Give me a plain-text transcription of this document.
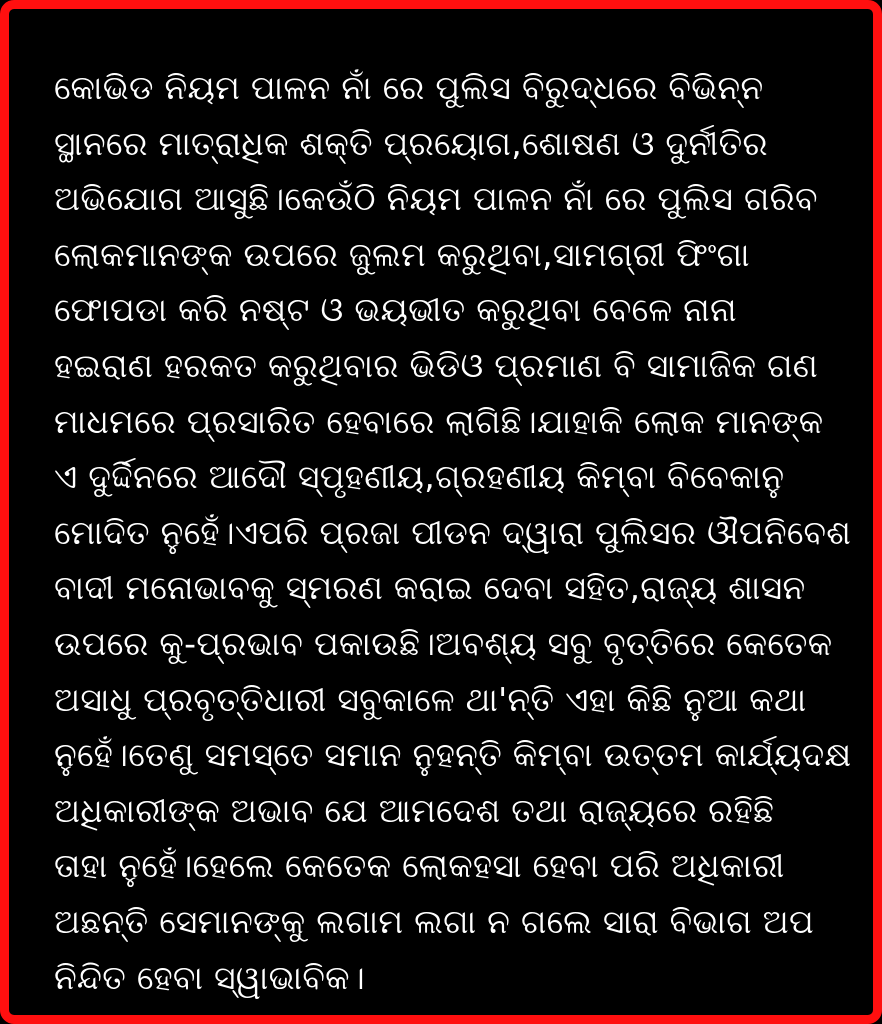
କୋଭିଡ ନିୟମ ପାଳନ ନାଁ ରେ ପୁଲିସ ବିରୁଦ୍ଧରେ ବିଭିନ୍ନ
ସ୍ଥାନରେ ମାତ୍ରାଧିକ ଶକ୍ତି ପ୍ରୟୋଗ,ଶୋଷଣ ଓ ଦୁର୍ନୀତିର
ଅଭିଯୋଗ ଆସୁଛି।କେଉଁଠି ନିୟମ ପାଳନ ନାଁ ରେ ପୁଲିସ ଗରିବ
ଲୋକମାନଙ୍କ ଉପରେ ଜୁଲମ କରୁଥିବା,ସାମଗ୍ରୀ ଫିଂଗା
ଫୋପଡା କରି ନଷ୍ଟ ଓ ଭୟଭୀତ କରୁଥିବା ବେଳେ ନାନା
ହଇରାଣ ହରକତ କରୁଥିବାର ଭିଡିଓ ପ୍ରମାଣ ବି ସାମାଜିକ ଗଣ
ମାଧମରେ ପ୍ରସାରିତ ହେବାରେ ଲାଗିଛି।ଯାହାକି ଲୋକ ମାନଙ୍କ
ଏ ଦୁର୍ଦ୍ଦିନରେ ଆଦୌ ସ୍ପୃହଣୀୟ,ଗ୍ରହଣୀୟ କିମ୍ବା ବିବେକାନୁ
ମୋଦିତ ନୁହେଁ।ଏପରି ପ୍ରଜା ପୀଡନ ଦ୍ୱାରା ପୁଲିସର ଔପନିବେଶ
ବାଦୀ ମନୋଭାବକୁ ସ୍ମରଣ କରାଇ ଦେବା ସହିତ,ରାଜ୍ୟ ଶାସନ
ଉପରେ କୁ-ପ୍ରଭାବ ପକାଉଛି।ଅବଶ୍ୟ ସବୁ ବୃତ୍ତିରେ କେତେକ
ଅସାଧୁ ପ୍ରବୃତ୍ତିଧାରୀ ସବୁକାଳେ ଥା'ନ୍ତି ଏହା କିଛି ନୁଆ କଥା
ନୁହେଁ।ତେଣୁ ସମସ୍ତେ ସମାନ ନୁହନ୍ତି କିମ୍ବା ଉତ୍ତମ କାର୍ଯ୍ୟଦକ୍ଷ
ଅଧିକାରୀଙ୍କ ଅଭାବ ଯେ ଆମଦେଶ ତଥା ରାଜ୍ୟରେ ରହିଛି
ତାହା ନୁହେଁ।ହେଲେ କେତେକ ଲୋକହସା ହେବା ପରି ଅଧିକାରୀ
ଅଛନ୍ତି ସେମାନଙ୍କୁ ଲଗାମ ଲଗା ନ ଗଲେ ସାରା ବିଭାଗ ଅପ
ନିନ୍ଦିତ ହେବା ସ୍ୱାଭାବିକ।
